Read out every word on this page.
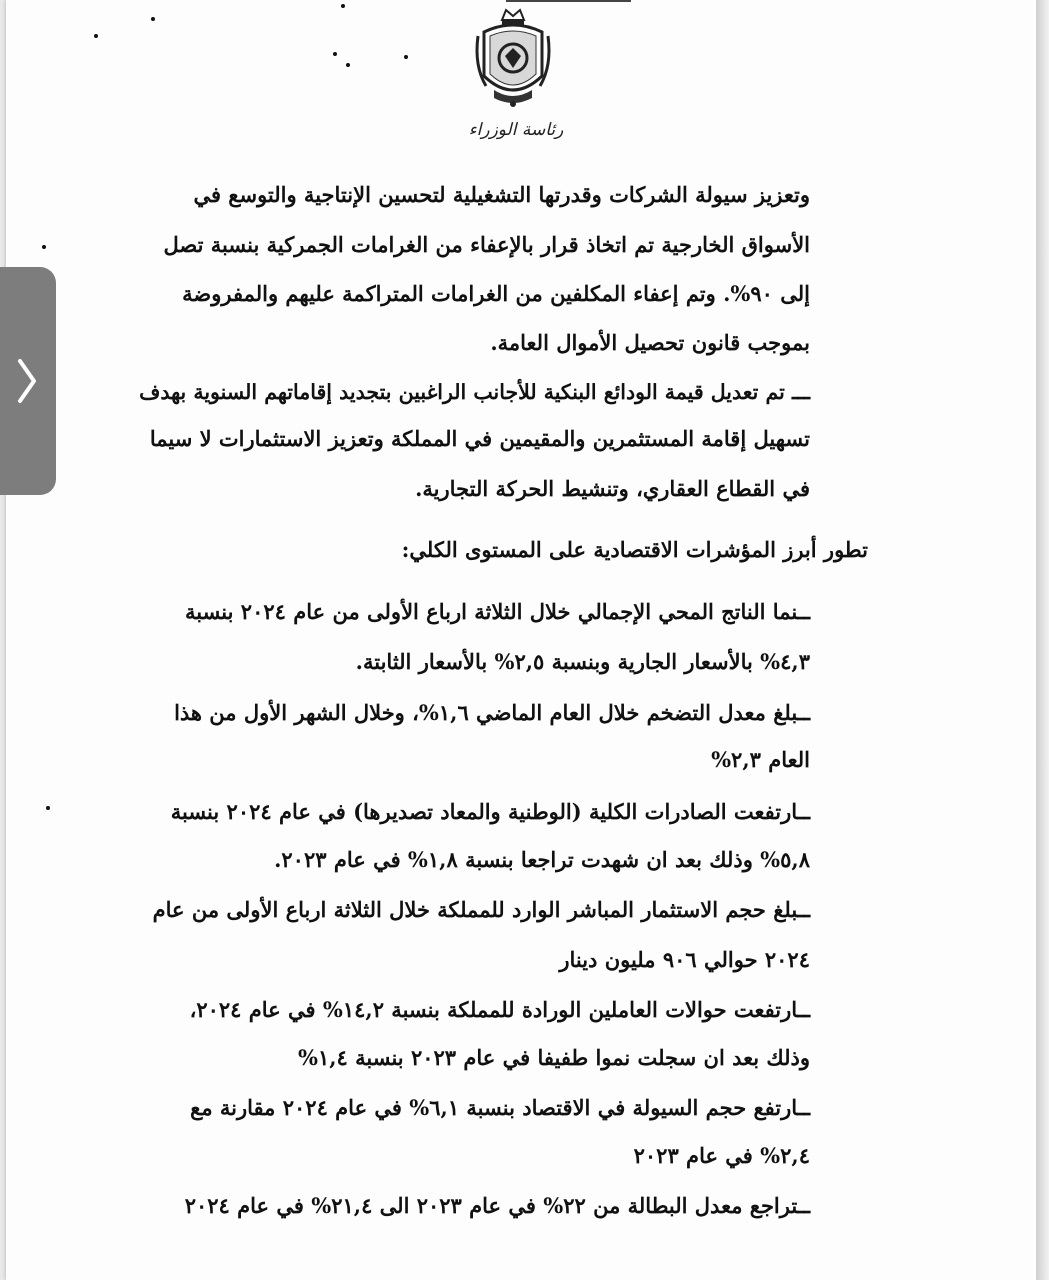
رئاسة الوزراء
وتعزيز سيولة الشركات وقدرتها التشغيلية لتحسين الإنتاجية والتوسع في
الأسواق الخارجية تم اتخاذ قرار بالإعفاء من الغرامات الجمركية بنسبة تصل
إلى ٩٠%. وتم إعفاء المكلفين من الغرامات المتراكمة عليهم والمفروضة
بموجب قانون تحصيل الأموال العامة.
ـــ تم تعديل قيمة الودائع البنكية للأجانب الراغبين بتجديد إقاماتهم السنوية بهدف
تسهيل إقامة المستثمرين والمقيمين في المملكة وتعزيز الاستثمارات لا سيما
في القطاع العقاري، وتنشيط الحركة التجارية.
تطور أبرز المؤشرات الاقتصادية على المستوى الكلي:
ــنما الناتج المحي الإجمالي خلال الثلاثة ارباع الأولى من عام ٢٠٢٤ بنسبة
٤,٣% بالأسعار الجارية وبنسبة ٢,٥% بالأسعار الثابتة.
ــبلغ معدل التضخم خلال العام الماضي ١,٦%، وخلال الشهر الأول من هذا
العام ٢,٣%
ــارتفعت الصادرات الكلية (الوطنية والمعاد تصديرها) في عام ٢٠٢٤ بنسبة
٥,٨% وذلك بعد ان شهدت تراجعا بنسبة ١,٨% في عام ٢٠٢٣.
ــبلغ حجم الاستثمار المباشر الوارد للمملكة خلال الثلاثة ارباع الأولى من عام
٢٠٢٤ حوالي ٩٠٦ مليون دينار
ــارتفعت حوالات العاملين الورادة للمملكة بنسبة ١٤,٢% في عام ٢٠٢٤،
وذلك بعد ان سجلت نموا طفيفا في عام ٢٠٢٣ بنسبة ١,٤%
ــارتفع حجم السيولة في الاقتصاد بنسبة ٦,١% في عام ٢٠٢٤ مقارنة مع
٢,٤% في عام ٢٠٢٣
ــتراجع معدل البطالة من ٢٢% في عام ٢٠٢٣ الى ٢١,٤% في عام ٢٠٢٤
